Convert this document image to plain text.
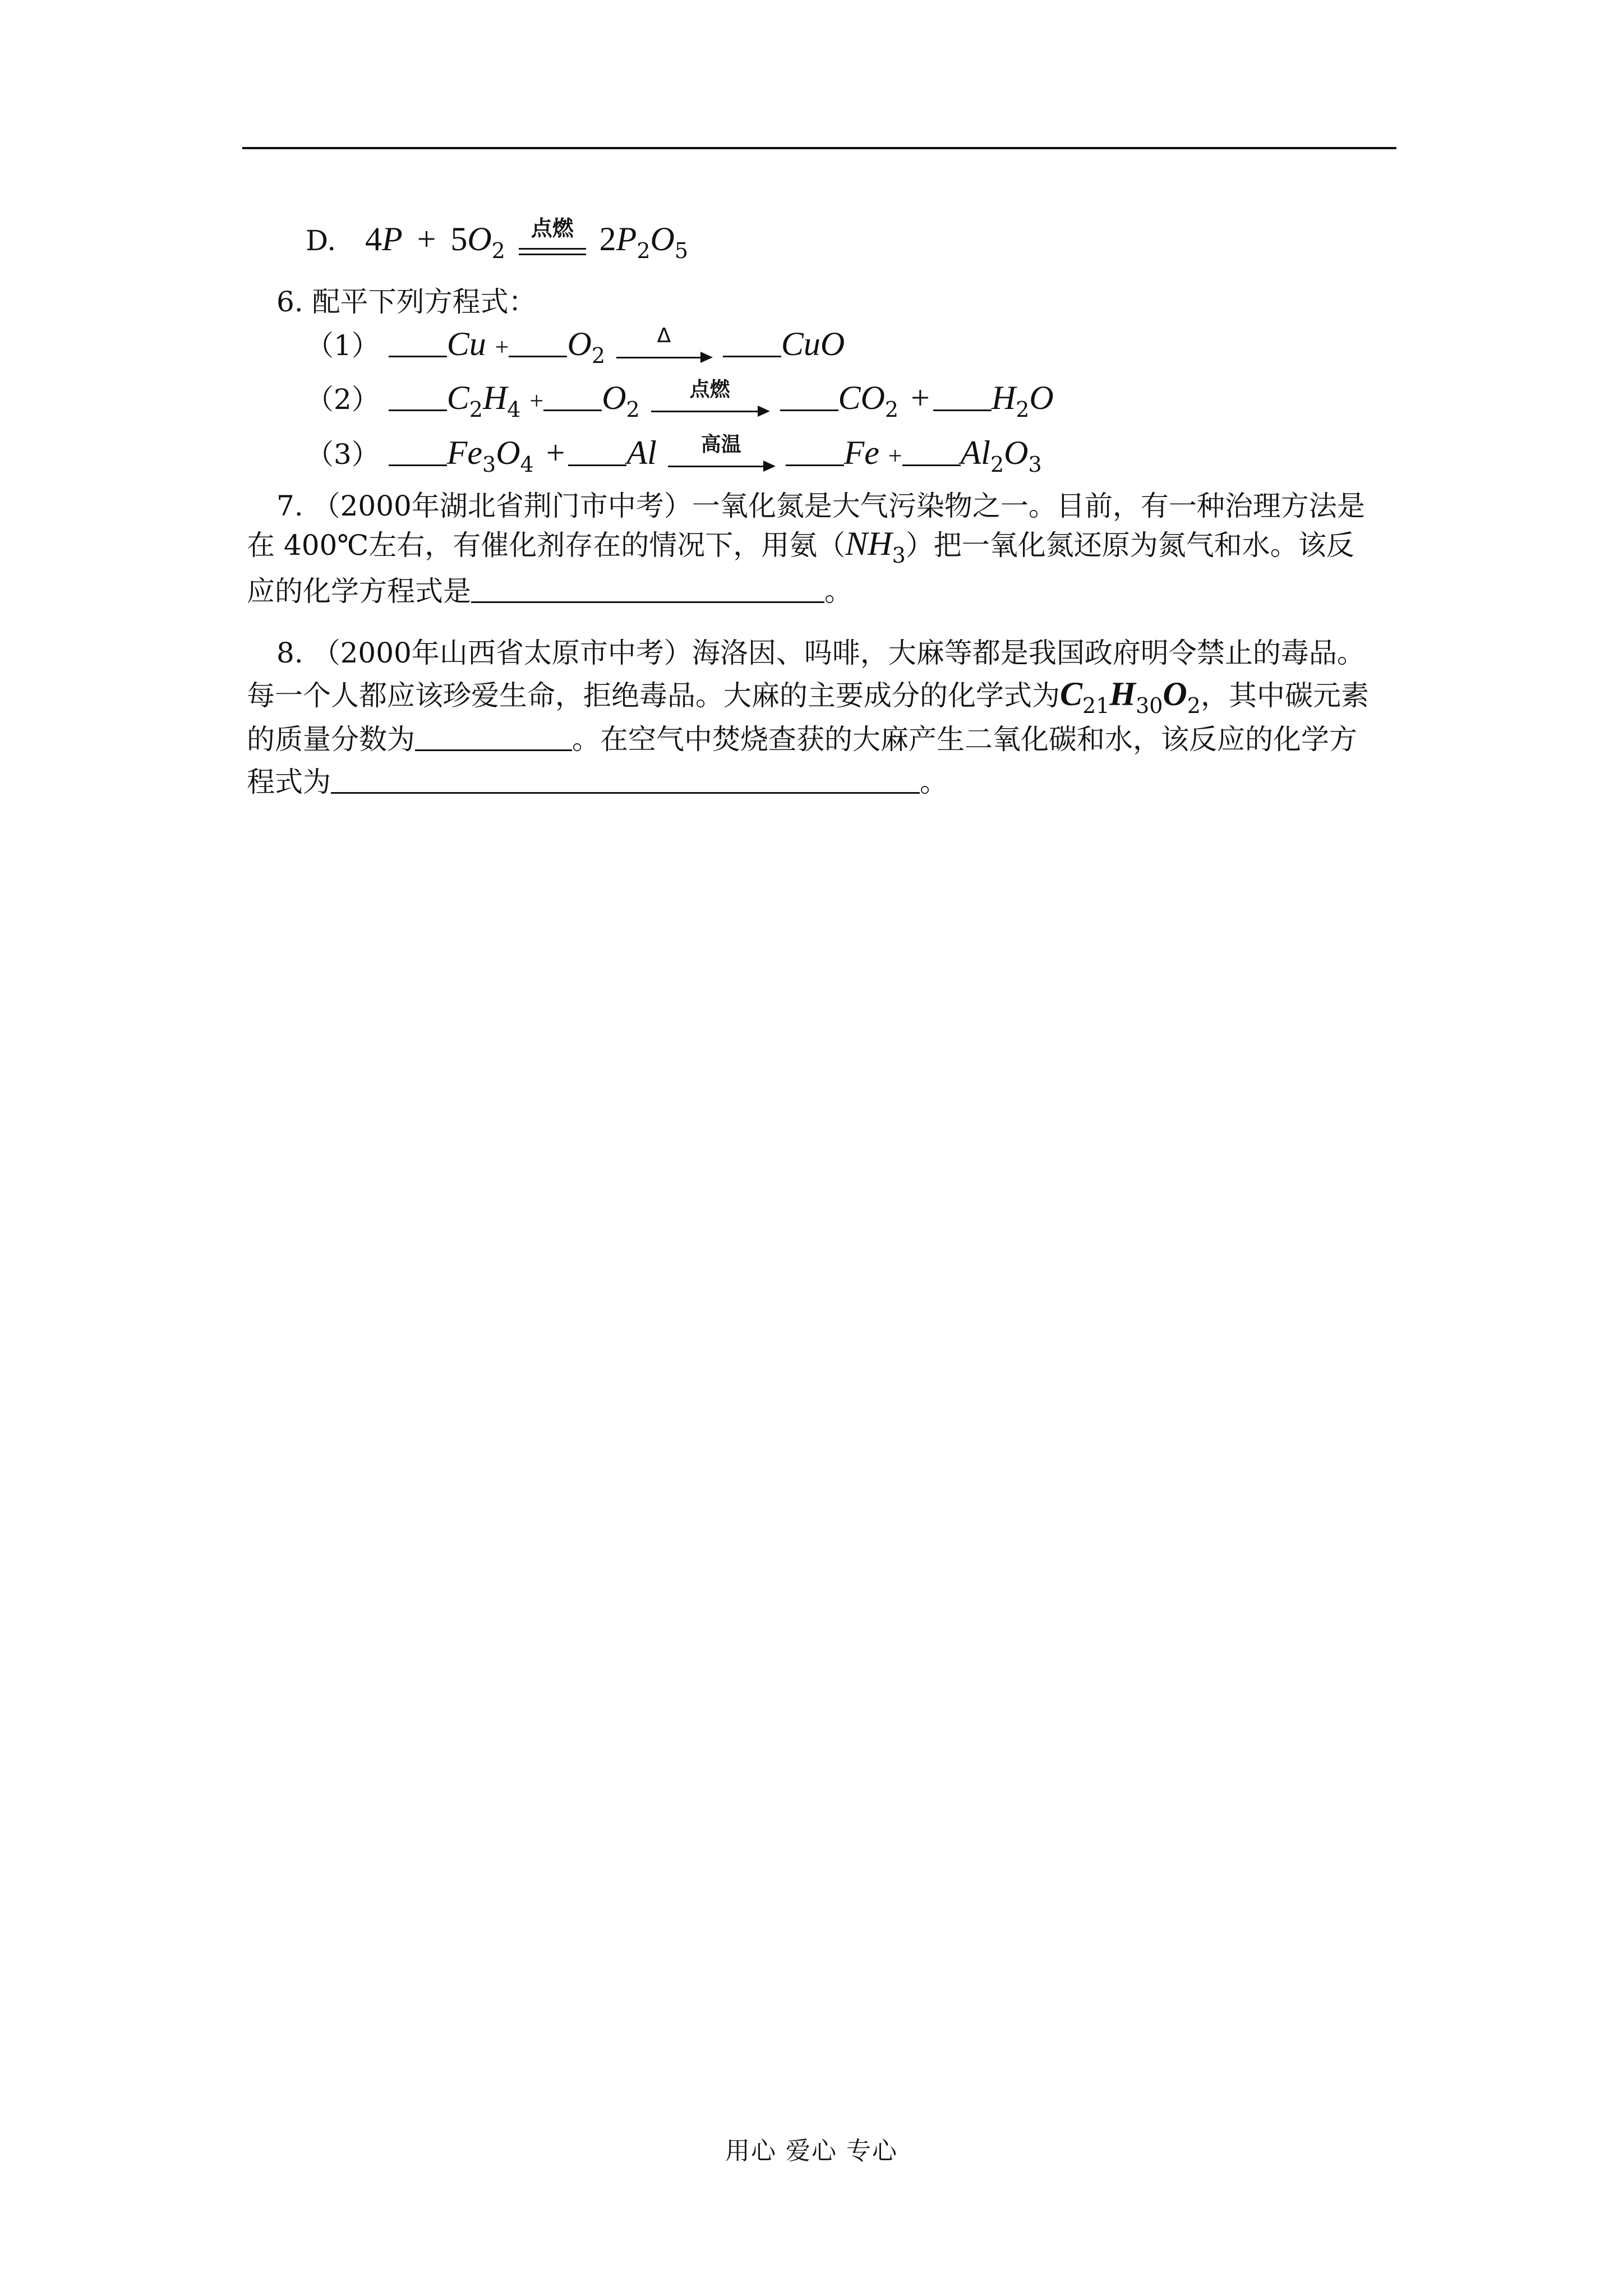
D. $4P + 5O_2$
点燃 $2P_2O_5$
6. 配平下列方程式：
（1） $Cu + O_2$
Δ	CuO
（2） $C_2H_4 + O_2$
点燃	$CO_2 + H_2O$
（3） $Fe_3O_4 + Al$	高温	$Fe + Al_2O_3$
7. （2000年湖北省荆门市中考）一氧化氮是大气污染物之一。目前，有一种治理方法是
在 400℃左右，有催化剂存在的情况下，用氨$(NH_3)$把一氧化氮还原为氮气和水。该反
应的化学方程式是	。
8. （2000年山西省太原市中考）海洛因、吗啡，大麻等都是我国政府明令禁止的毒品。
每一个人都应该珍爱生命，拒绝毒品。大麻的主要成分的化学式为$C_{21}H_{30}O_2$，其中碳元素
的质量分数为	。在空气中焚烧查获的大麻产生二氧化碳和水，该反应的化学方
程式为	。
用心 爱心 专心
